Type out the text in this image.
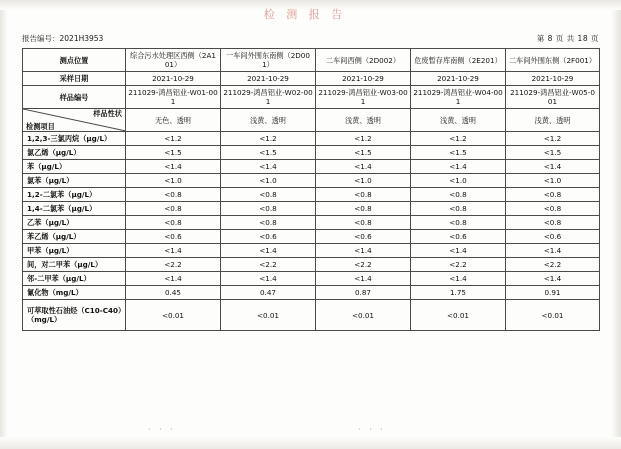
检 测 报 告
报告编号：2021H3953	第 8 页 共 18 页
测点位置	综合污水处理区西侧（2A101）	一车间外围东南侧（2D001）	二车间西侧（2D002）	危废暂存库南侧（2E201）	二车间外围东侧（2F001）
采样日期	2021-10-29	2021-10-29	2021-10-29	2021-10-29	2021-10-29
样品编号	211029-鸿昌铝业-W01-001	211029-鸿昌铝业-W02-001	211029-鸿昌铝业-W03-001	211029-鸿昌铝业-W04-001	211029-鸿昌铝业-W05-001

样品性状
检测项目	无色、透明	浅黄、透明	浅黄、透明	浅黄、透明	浅黄、透明
1,2,3-三氯丙烷（μg/L）	<1.2	<1.2	<1.2	<1.2	<1.2
氯乙烯（μg/L）	<1.5	<1.5	<1.5	<1.5	<1.5
苯（μg/L）	<1.4	<1.4	<1.4	<1.4	<1.4
氯苯（μg/L）	<1.0	<1.0	<1.0	<1.0	<1.0
1,2-二氯苯（μg/L）	<0.8	<0.8	<0.8	<0.8	<0.8
1,4-二氯苯（μg/L）	<0.8	<0.8	<0.8	<0.8	<0.8
乙苯（μg/L）	<0.8	<0.8	<0.8	<0.8	<0.8
苯乙烯（μg/L）	<0.6	<0.6	<0.6	<0.6	<0.6
甲苯（μg/L）	<1.4	<1.4	<1.4	<1.4	<1.4
间，对二甲苯（μg/L）	<2.2	<2.2	<2.2	<2.2	<2.2
邻-二甲苯（μg/L）	<1.4	<1.4	<1.4	<1.4	<1.4
氰化物（mg/L）	0.45	0.47	0.87	1.75	0.91
可萃取性石油烃（C10-C40）（mg/L）	<0.01	<0.01	<0.01	<0.01	<0.01
· · ·	· · ·
